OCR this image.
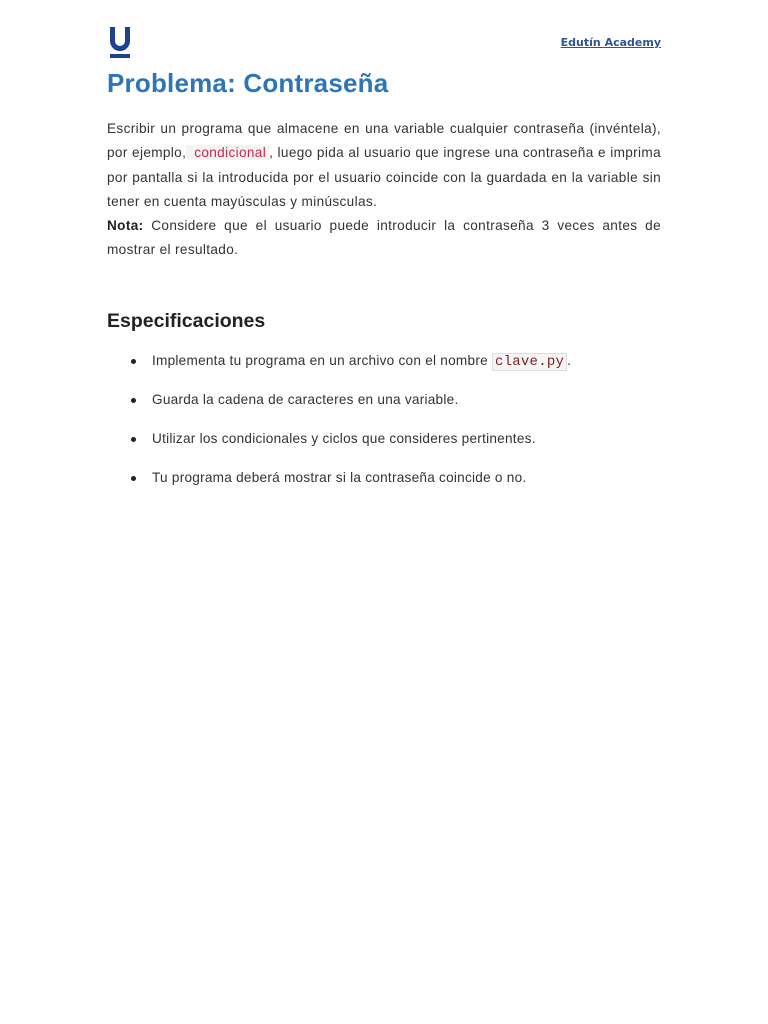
Edutín Academy
Problema: Contraseña

Escribir un programa que almacene en una variable cualquier contraseña (invéntela), por ejemplo, condicional , luego pida al usuario que ingrese una contraseña e imprima por pantalla si la introducida por el usuario coincide con la guardada en la variable sin tener en cuenta mayúsculas y minúsculas.
Nota: Considere que el usuario puede introducir la contraseña 3 veces antes de mostrar el resultado.

Especificaciones
Implementa tu programa en un archivo con el nombre clave.py .
Guarda la cadena de caracteres en una variable.
Utilizar los condicionales y ciclos que consideres pertinentes.
Tu programa deberá mostrar si la contraseña coincide o no.
